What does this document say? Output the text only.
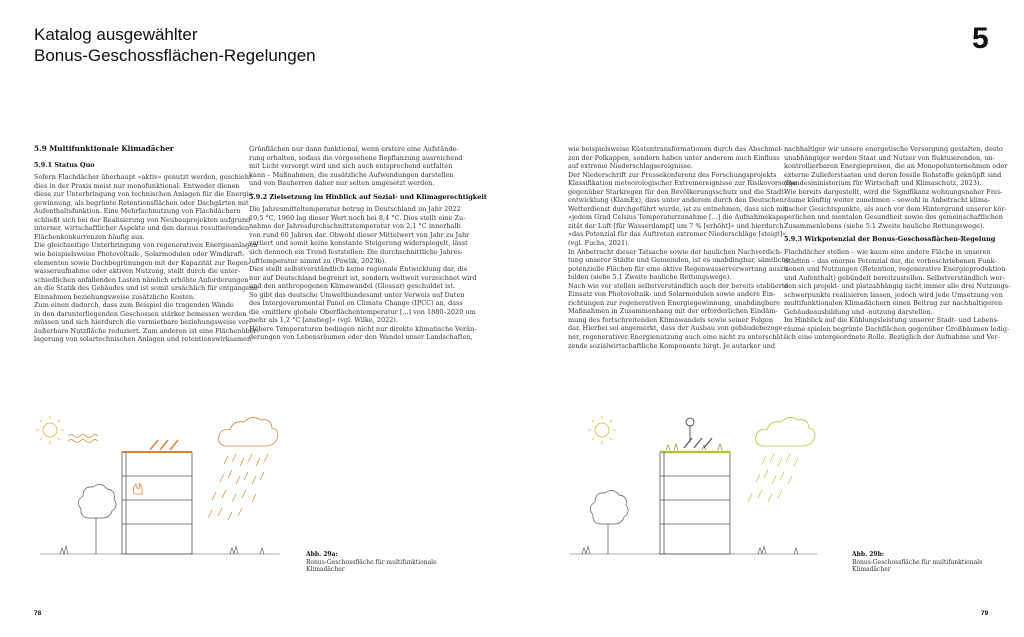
Katalog ausgewählter
Bonus-Geschossflächen-Regelungen
5

5.9 Multifunktionale Klimadächer

5.9.1 Status Quo

Sofern Flachdächer überhaupt »aktiv« genutzt werden, geschieht

dies in der Praxis meist nur monofunktional: Entweder dienen

diese zur Unterbringung von technischen Anlagen für die Energie-

gewinnung, als begrünte Retentionsflächen oder Dachgärten mit

Aufenthaltsfunktion. Eine Mehrfachnutzung von Flachdächern

schließt sich bei der Realisierung von Neubauprojekten aufgrund

interner, wirtschaftlicher Aspekte und den daraus resultierenden

Flächenkonkurrenzen häufig aus.

Die gleichzeitige Unterbringung von regenerativen Energieanlagen

wie beispielsweise Photovoltaik-, Solarmodulen oder Windkraft-

elementen sowie Dachbegrünungen mit der Kapazität zur Regen-

wasseraufnahme oder aktiven Nutzung, stellt durch die unter-

schiedlichen anfallenden Lasten nämlich erhöhte Anforderungen

an die Statik des Gebäudes und ist somit ursächlich für entgangene

Einnahmen beziehungsweise zusätzliche Kosten.

Zum einen dadurch, dass zum Beispiel die tragenden Wände

in den darunterliegenden Geschossen stärker bemessen werden

müssen und sich hierdurch die vermietbare beziehungsweise ver-

äußerbare Nutzfläche reduziert. Zum anderen ist eine Flächenüber-

lagerung von solartechnischen Anlagen und retentionswirksamen

Grünflächen nur dann funktional, wenn erstere eine Aufstände-

rung erhalten, sodass die vorgesehene Bepflanzung ausreichend

mit Licht versorgt wird und sich auch entsprechend entfalten

kann – Maßnahmen, die zusätzliche Aufwendungen darstellen

und von Bauherren daher nur selten umgesetzt werden.

5.9.2 Zielsetzung im Hinblick auf Sozial- und Klimagerechtigkeit

Die Jahresmitteltemperatur betrug in Deutschland im Jahr 2022

10,5 °C, 1960 lag dieser Wert noch bei 8,4 °C. Dies stellt eine Zu-

nahme der Jahresdurchschnittstemperatur von 2,1 °C innerhalb

von rund 60 Jahren dar. Obwohl dieser Mittelwert von Jahr zu Jahr

variiert und somit keine konstante Steigerung widerspiegelt, lässt

sich dennoch ein Trend feststellen: Die durchschnittliche Jahres-

lufttemperatur nimmt zu (Pawlik, 2023b).

Dies stellt selbstverständlich keine regionale Entwicklung dar, die

nur auf Deutschland begrenzt ist, sondern weltweit verzeichnet wird

und den anthropogenen Klimawandel (Glossar) geschuldet ist.

So gibt das deutsche Umweltbundesamt unter Verweis auf Daten

des Intergovernmental Panel on Climate Change (IPCC) an, dass

die »mittlere globale Oberflächentemperatur [...] von 1880–2020 um

mehr als 1,2 °C [anstieg]« (vgl. Wilke, 2022).

Höhere Temperaturen bedingen nicht nur direkte klimatische Verän-

derungen von Lebensräumen oder den Wandel unser Landschaften,

wie beispielsweise Küstentransformationen durch das Abschmel-

zen der Polkappen, sondern haben unter anderem auch Einfluss

auf extreme Niederschlagsereignisse.

Der Niederschrift zur Pressekonferenz des Forschungsprojekts

Klassifikation meteorologischer Extremereignisse zur Risikovorsorge

gegenüber Starkregen für den Bevölkerungsschutz und die Stadt-

entwicklung (KlamEx), dass unter anderem durch den Deutschen

Wetterdienst durchgeführt wurde, ist zu entnehmen, dass sich mit

»jedem Grad Celsius Temperaturzunahme [...] die Aufnahmekapa-

zität der Luft [für Wasserdampf] um 7 % [erhöht]« und hierdurch

»das Potenzial für das Auftreten extremer Niederschläge [steigt]«

(vgl. Fuchs, 2021).

In Anbetracht dieser Tatsache sowie der baulichen Nachverdich-

tung unserer Städte und Gemeinden, ist es unabdingbar, sämtliche

potenzielle Flächen für eine aktive Regenwasserverwertung auszu-

bilden (siehe 5.1 Zweite bauliche Rettungswege).

Nach wie vor stellen selbstverständlich auch der bereits etablierte

Einsatz von Photovoltaik- und Solarmodulen sowie andere Ein-

richtungen zur regenerativen Energiegewinnung, unabdingbare

Maßnahmen in Zusammenhang mit der erforderlichen Eindäm-

mung des fortschreitenden Klimawandels sowie seiner Folgen

dar. Hierbei sei angemerkt, dass der Ausbau von gebäudebezoge-

ner, regenerativer Energienutzung auch eine nicht zu unterschät-

zende sozialwirtschaftliche Komponente birgt. Je autarker und

nachhaltiger wir unsere energetische Versorgung gestalten, desto

unabhängiger werden Staat und Nutzer von fluktuierenden, un-

kontrollierbaren Energiepreisen, die an Monopolunternehmen oder

externe Zulieferstaaten und deren fossile Rohstoffe geknüpft sind

(Bundesministerium für Wirtschaft und Klimaschutz, 2023).

Wie bereits dargestellt, wird die Signifikanz wohnungsnaher Frei-

räume künftig weiter zunehmen – sowohl in Anbetracht klima-

tischer Gesichtspunkte, als auch vor dem Hintergrund unserer kör-

perlichen und mentalen Gesundheit sowie des gemeinschaftlichen

Zusammenlebens (siehe 5.1 Zweite bauliche Rettungswege).

5.9.3 Wirkpotenzial der Bonus-Geschossflächen-Regelung

Flachdächer stellen – wie kaum eine andere Fläche in unseren

Städten – das enorme Potenzial dar, die vorbeschriebenen Funk-

tionen und Nutzungen (Retention, regenerative Energieproduktion

und Aufenthalt) gebündelt bereitzustellen. Selbstverständlich wer-

den sich projekt- und platzabhängig nicht immer alle drei Nutzungs-

schwerpunkte realisieren lassen, jedoch wird jede Umsetzung von

multifunktionalen Klimadächern einen Beitrag zur nachhaltigeren

Gebäudeausbildung und -nutzung darstellen.

Im Hinblick auf die Kühlungsleistung unserer Stadt- und Lebens-

räume spielen begrünte Dachflächen gegenüber Großbäumen ledig-

lich eine untergeordnete Rolle. Bezüglich der Aufnahme und Ver-

Abb. 29a:
Bonus-Geschossfläche für multifunktionale
Klimadächer
Abb. 29b:
Bonus-Geschossfläche für multifunktionale
Klimadächer
78	79
